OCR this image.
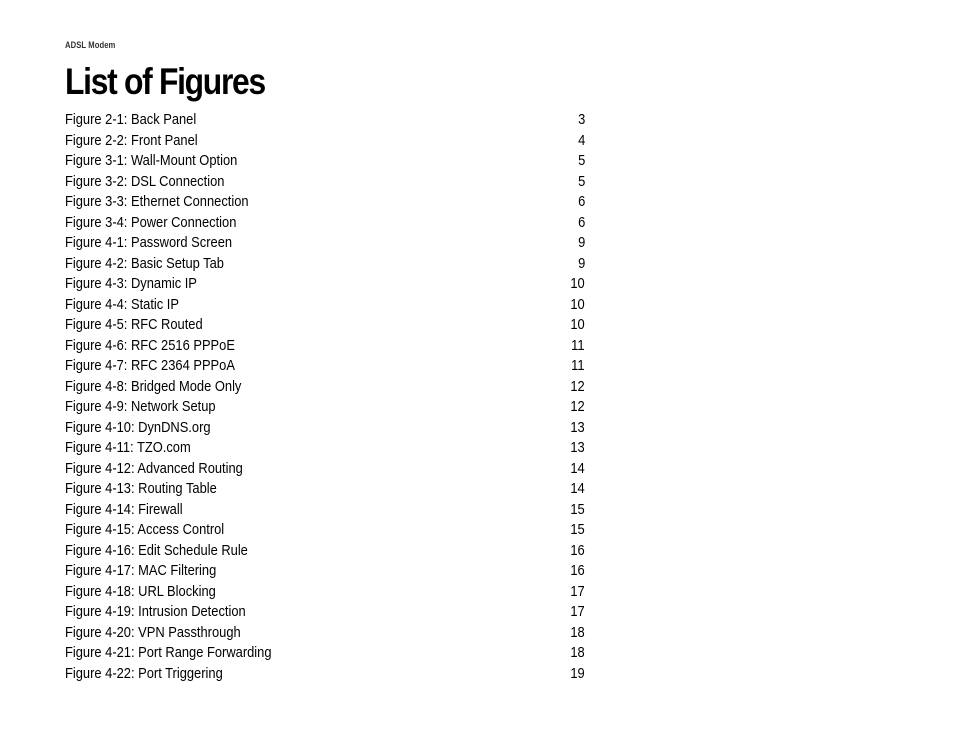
ADSL Modem
List of Figures
Figure 2-1: Back Panel	3
Figure 2-2: Front Panel	4
Figure 3-1: Wall-Mount Option	5
Figure 3-2: DSL Connection	5
Figure 3-3: Ethernet Connection	6
Figure 3-4: Power Connection	6
Figure 4-1: Password Screen	9
Figure 4-2: Basic Setup Tab	9
Figure 4-3: Dynamic IP	10
Figure 4-4: Static IP	10
Figure 4-5: RFC Routed	10
Figure 4-6: RFC 2516 PPPoE	11
Figure 4-7: RFC 2364 PPPoA	11
Figure 4-8: Bridged Mode Only	12
Figure 4-9: Network Setup	12
Figure 4-10: DynDNS.org	13
Figure 4-11: TZO.com	13
Figure 4-12: Advanced Routing	14
Figure 4-13: Routing Table	14
Figure 4-14: Firewall	15
Figure 4-15: Access Control	15
Figure 4-16: Edit Schedule Rule	16
Figure 4-17: MAC Filtering	16
Figure 4-18: URL Blocking	17
Figure 4-19: Intrusion Detection	17
Figure 4-20: VPN Passthrough	18
Figure 4-21: Port Range Forwarding	18
Figure 4-22: Port Triggering	19
